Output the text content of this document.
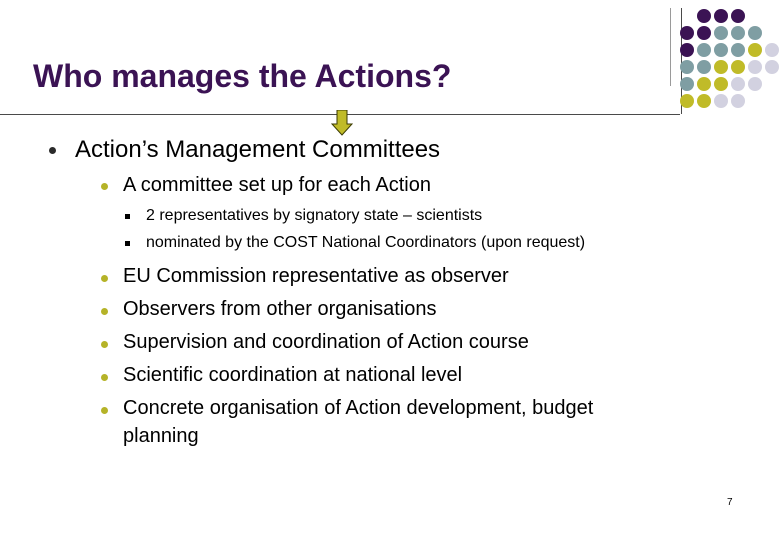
Who manages the Actions?
Action’s Management Committees
A committee set up for each Action
2 representatives by signatory state – scientists
nominated by the COST National Coordinators (upon request)
EU Commission representative as observer
Observers from other organisations
Supervision and coordination of Action course
Scientific coordination at national level
Concrete organisation of Action development, budget
planning
7
